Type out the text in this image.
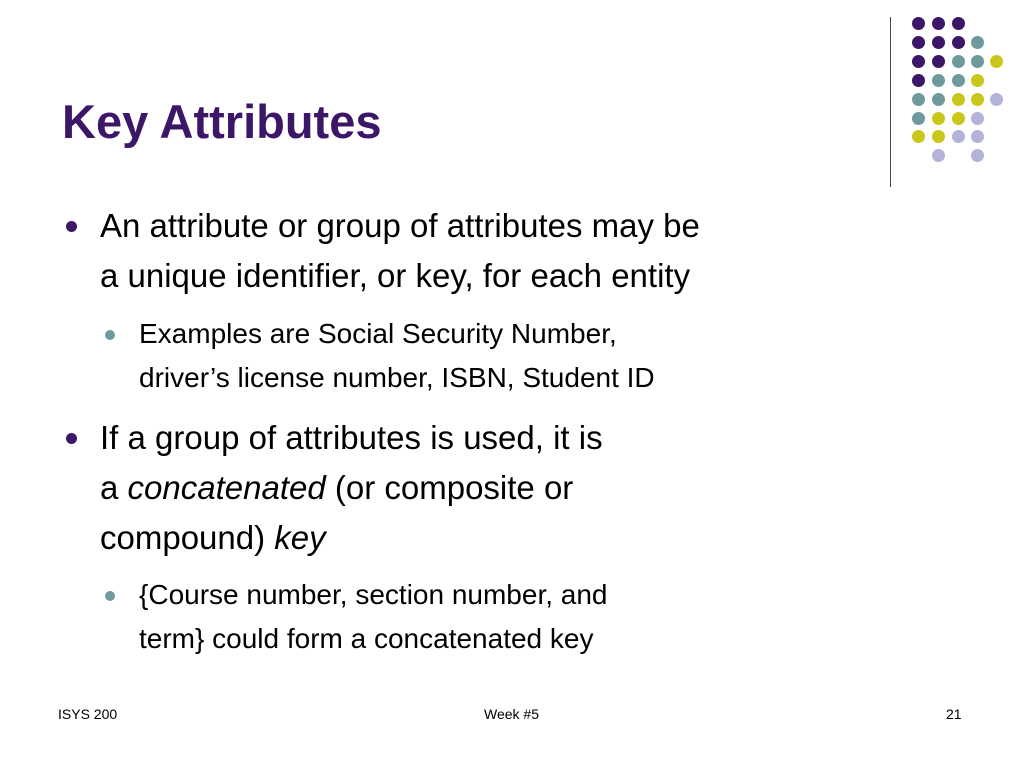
Key Attributes
An attribute or group of attributes may be
a unique identifier, or key, for each entity
Examples are Social Security Number,
driver’s license number, ISBN, Student ID
If a group of attributes is used, it is
a concatenated (or composite or
compound) key
{Course number, section number, and
term} could form a concatenated key
ISYS 200	Week #5	21
